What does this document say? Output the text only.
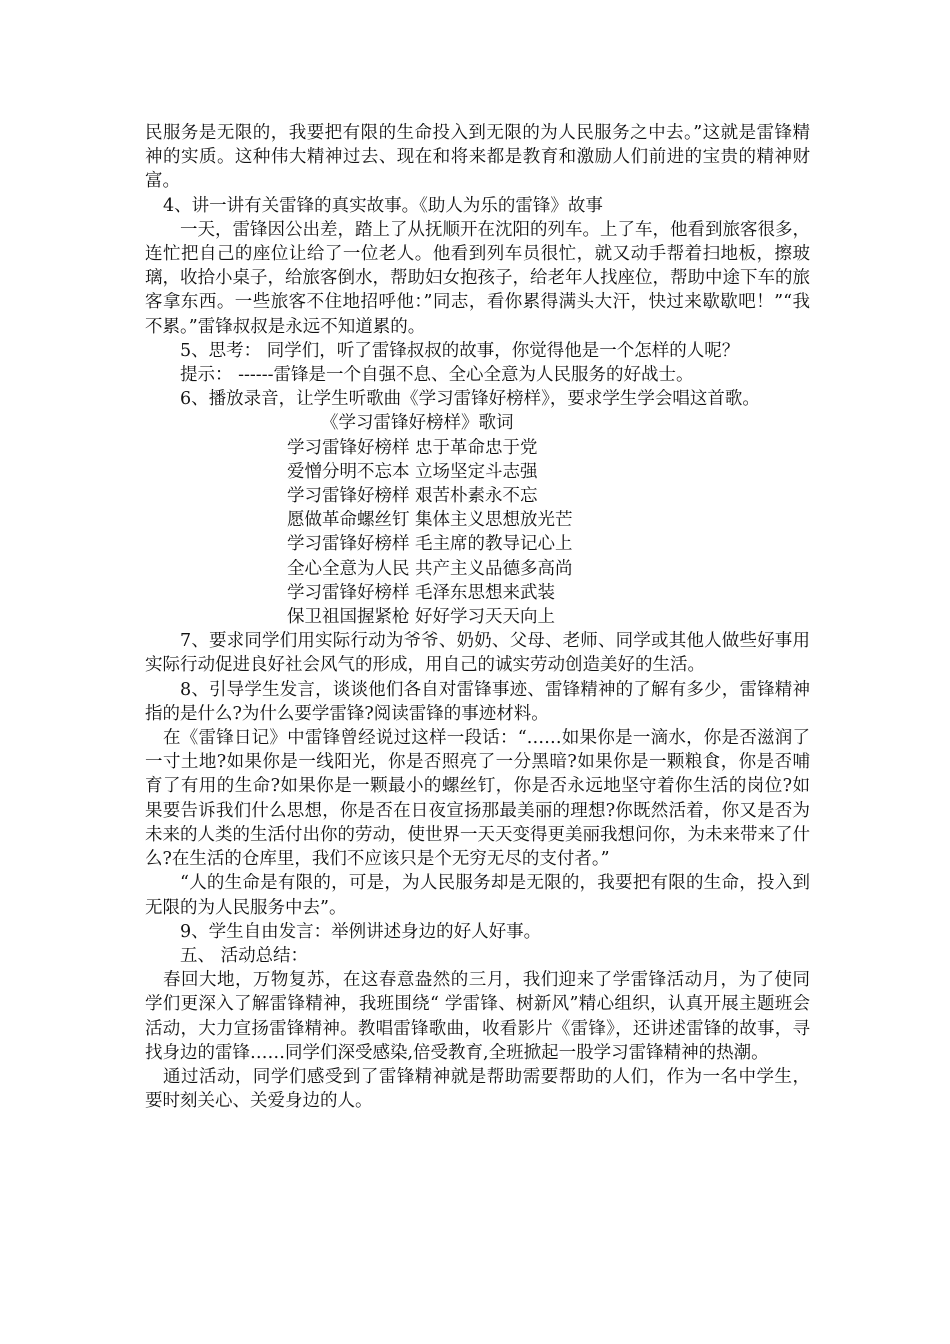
民服务是无限的，我要把有限的生命投入到无限的为人民服务之中去。”这就是雷锋精神的实质。这种伟大精神过去、现在和将来都是教育和激励人们前进的宝贵的精神财富。

4、讲一讲有关雷锋的真实故事。《助人为乐的雷锋》故事

一天，雷锋因公出差，踏上了从抚顺开在沈阳的列车。上了车，他看到旅客很多，连忙把自己的座位让给了一位老人。他看到列车员很忙，就又动手帮着扫地板，擦玻璃，收拾小桌子，给旅客倒水，帮助妇女抱孩子，给老年人找座位，帮助中途下车的旅客拿东西。一些旅客不住地招呼他：”同志，看你累得满头大汗，快过来歇歇吧！”“我不累。”雷锋叔叔是永远不知道累的。

5、思考： 同学们，听了雷锋叔叔的故事，你觉得他是一个怎样的人呢？

提示： ------雷锋是一个自强不息、全心全意为人民服务的好战士。

6、播放录音，让学生听歌曲《学习雷锋好榜样》，要求学生学会唱这首歌。

《学习雷锋好榜样》歌词

学习雷锋好榜样 忠于革命忠于党

爱憎分明不忘本 立场坚定斗志强

学习雷锋好榜样 艰苦朴素永不忘

愿做革命螺丝钉 集体主义思想放光芒

学习雷锋好榜样 毛主席的教导记心上

全心全意为人民 共产主义品德多高尚

学习雷锋好榜样 毛泽东思想来武装

保卫祖国握紧枪 好好学习天天向上

7、要求同学们用实际行动为爷爷、奶奶、父母、老师、同学或其他人做些好事用实际行动促进良好社会风气的形成，用自己的诚实劳动创造美好的生活。

8、引导学生发言，谈谈他们各自对雷锋事迹、雷锋精神的了解有多少，雷锋精神指的是什么?为什么要学雷锋?阅读雷锋的事迹材料。

在《雷锋日记》中雷锋曾经说过这样一段话：“……如果你是一滴水，你是否滋润了一寸土地?如果你是一线阳光，你是否照亮了一分黑暗?如果你是一颗粮食，你是否哺育了有用的生命?如果你是一颗最小的螺丝钉，你是否永远地坚守着你生活的岗位?如果要告诉我们什么思想，你是否在日夜宣扬那最美丽的理想?你既然活着，你又是否为未来的人类的生活付出你的劳动，使世界一天天变得更美丽我想问你，为未来带来了什么?在生活的仓库里，我们不应该只是个无穷无尽的支付者。”

“人的生命是有限的，可是，为人民服务却是无限的，我要把有限的生命，投入到无限的为人民服务中去”。

9、学生自由发言：举例讲述身边的好人好事。

五、 活动总结：

春回大地，万物复苏，在这春意盎然的三月，我们迎来了学雷锋活动月，为了使同学们更深入了解雷锋精神，我班围绕“ 学雷锋、树新风”精心组织，认真开展主题班会活动，大力宣扬雷锋精神。教唱雷锋歌曲，收看影片《雷锋》，还讲述雷锋的故事，寻找身边的雷锋……同学们深受感染,倍受教育,全班掀起一股学习雷锋精神的热潮。

通过活动，同学们感受到了雷锋精神就是帮助需要帮助的人们，作为一名中学生，要时刻关心、关爱身边的人。
